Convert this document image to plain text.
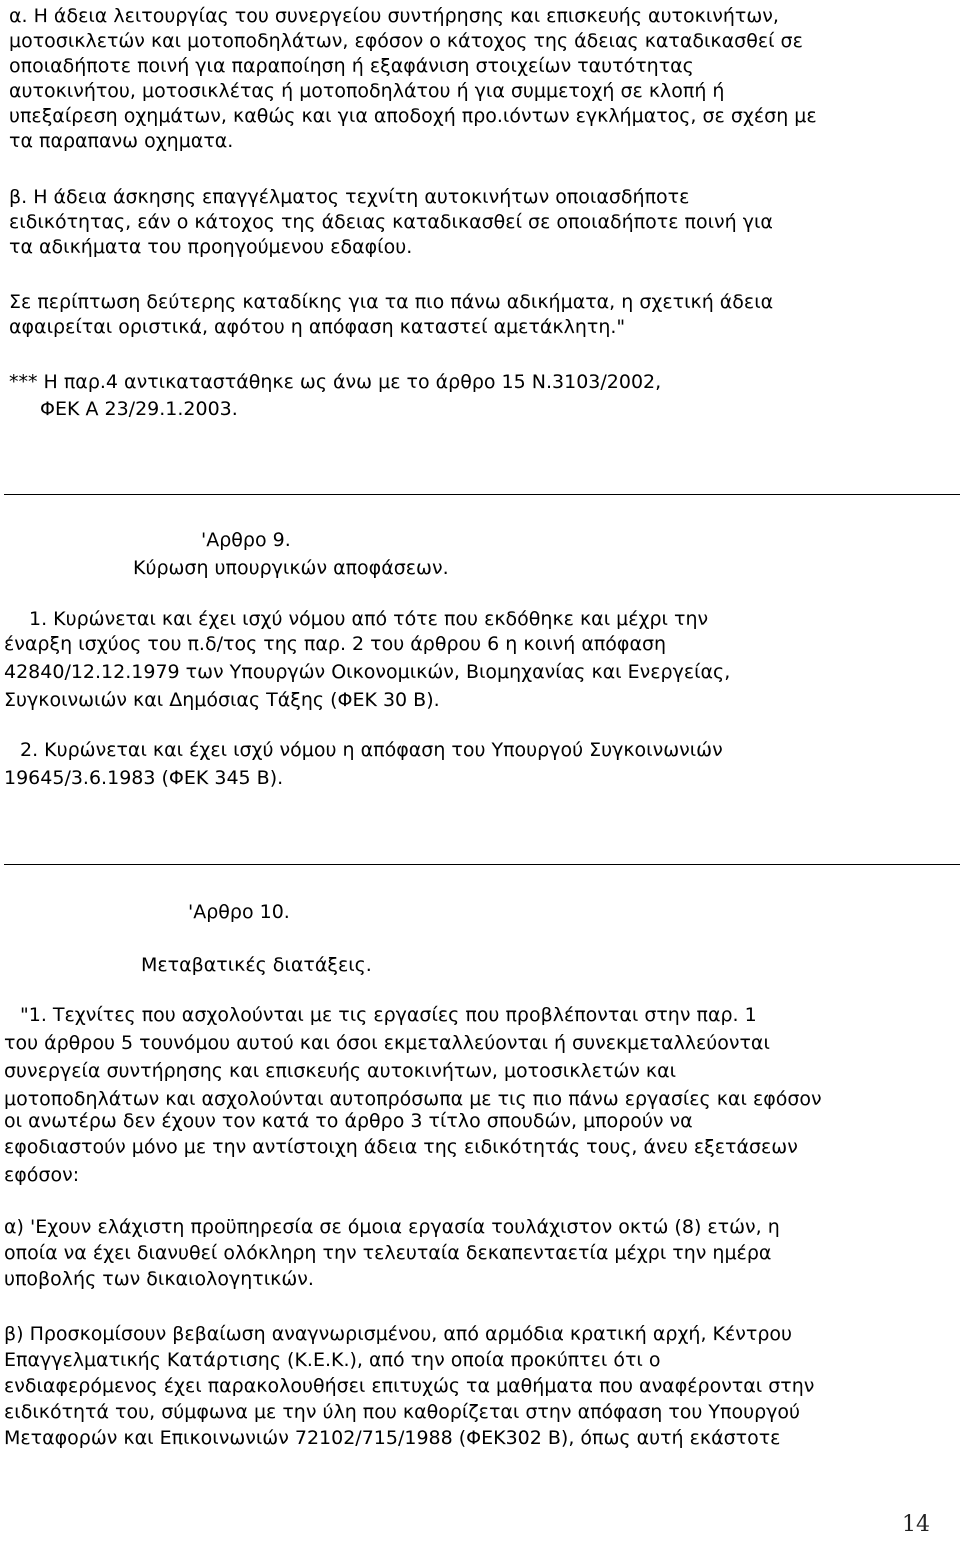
α. Η άδεια λειτουργίας του συνεργείου συντήρησης και επισκευής αυτοκινήτων,

μοτοσικλετών και μοτοποδηλάτων, εφόσον ο κάτοχος της άδειας καταδικασθεί σε

οποιαδήποτε ποινή για παραποίηση ή εξαφάνιση στοιχείων ταυτότητας

αυτοκινήτου, μοτοσικλέτας ή μοτοποδηλάτου ή για συμμετοχή σε κλοπή ή

υπεξαίρεση οχημάτων, καθώς και για αποδοχή προ.ιόντων εγκλήματος, σε σχέση με

τα παραπανω οχηματα.

β. Η άδεια άσκησης επαγγέλματος τεχνίτη αυτοκινήτων οποιασδήποτε

ειδικότητας, εάν ο κάτοχος της άδειας καταδικασθεί σε οποιαδήποτε ποινή για

τα αδικήματα του προηγούμενου εδαφίου.

Σε περίπτωση δεύτερης καταδίκης για τα πιο πάνω αδικήματα, η σχετική άδεια

αφαιρείται οριστικά, αφότου η απόφαση καταστεί αμετάκλητη."

*** Η παρ.4 αντικαταστάθηκε ως άνω με το άρθρο 15 Ν.3103/2002,

ΦΕΚ Α 23/29.1.2003.

'Αρθρο 9.

Κύρωση υπουργικών αποφάσεων.

1. Κυρώνεται και έχει ισχύ νόμου από τότε που εκδόθηκε και μέχρι την

έναρξη ισχύος του π.δ/τος της παρ. 2 του άρθρου 6 η κοινή απόφαση

42840/12.12.1979 των Υπουργών Οικονομικών, Βιομηχανίας και Ενεργείας,

Συγκοινωιών και Δημόσιας Τάξης (ΦΕΚ 30 Β).

2. Κυρώνεται και έχει ισχύ νόμου η απόφαση του Υπουργού Συγκοινωνιών

19645/3.6.1983 (ΦΕΚ 345 Β).

'Αρθρο 10.

Μεταβατικές διατάξεις.

"1. Τεχνίτες που ασχολούνται με τις εργασίες που προβλέπονται στην παρ. 1

του άρθρου 5 τουνόμου αυτού και όσοι εκμεταλλεύονται ή συνεκμεταλλεύονται

συνεργεία συντήρησης και επισκευής αυτοκινήτων, μοτοσικλετών και

μοτοποδηλάτων και ασχολούνται αυτοπρόσωπα με τις πιο πάνω εργασίες και εφόσον

οι ανωτέρω δεν έχουν τον κατά το άρθρο 3 τίτλο σπουδών, μπορούν να

εφοδιαστούν μόνο με την αντίστοιχη άδεια της ειδικότητάς τους, άνευ εξετάσεων

εφόσον:

α) 'Εχουν ελάχιστη προϋπηρεσία σε όμοια εργασία τουλάχιστον οκτώ (8) ετών, η

οποία να έχει διανυθεί ολόκληρη την τελευταία δεκαπενταετία μέχρι την ημέρα

υποβολής των δικαιολογητικών.

β) Προσκομίσουν βεβαίωση αναγνωρισμένου, από αρμόδια κρατική αρχή, Κέντρου

Επαγγελματικής Κατάρτισης (Κ.Ε.Κ.), από την οποία προκύπτει ότι ο

ενδιαφερόμενος έχει παρακολουθήσει επιτυχώς τα μαθήματα που αναφέρονται στην

ειδικότητά του, σύμφωνα με την ύλη που καθορίζεται στην απόφαση του Υπουργού

Μεταφορών και Επικοινωνιών 72102/715/1988 (ΦΕΚ302 Β), όπως αυτή εκάστοτε

14
